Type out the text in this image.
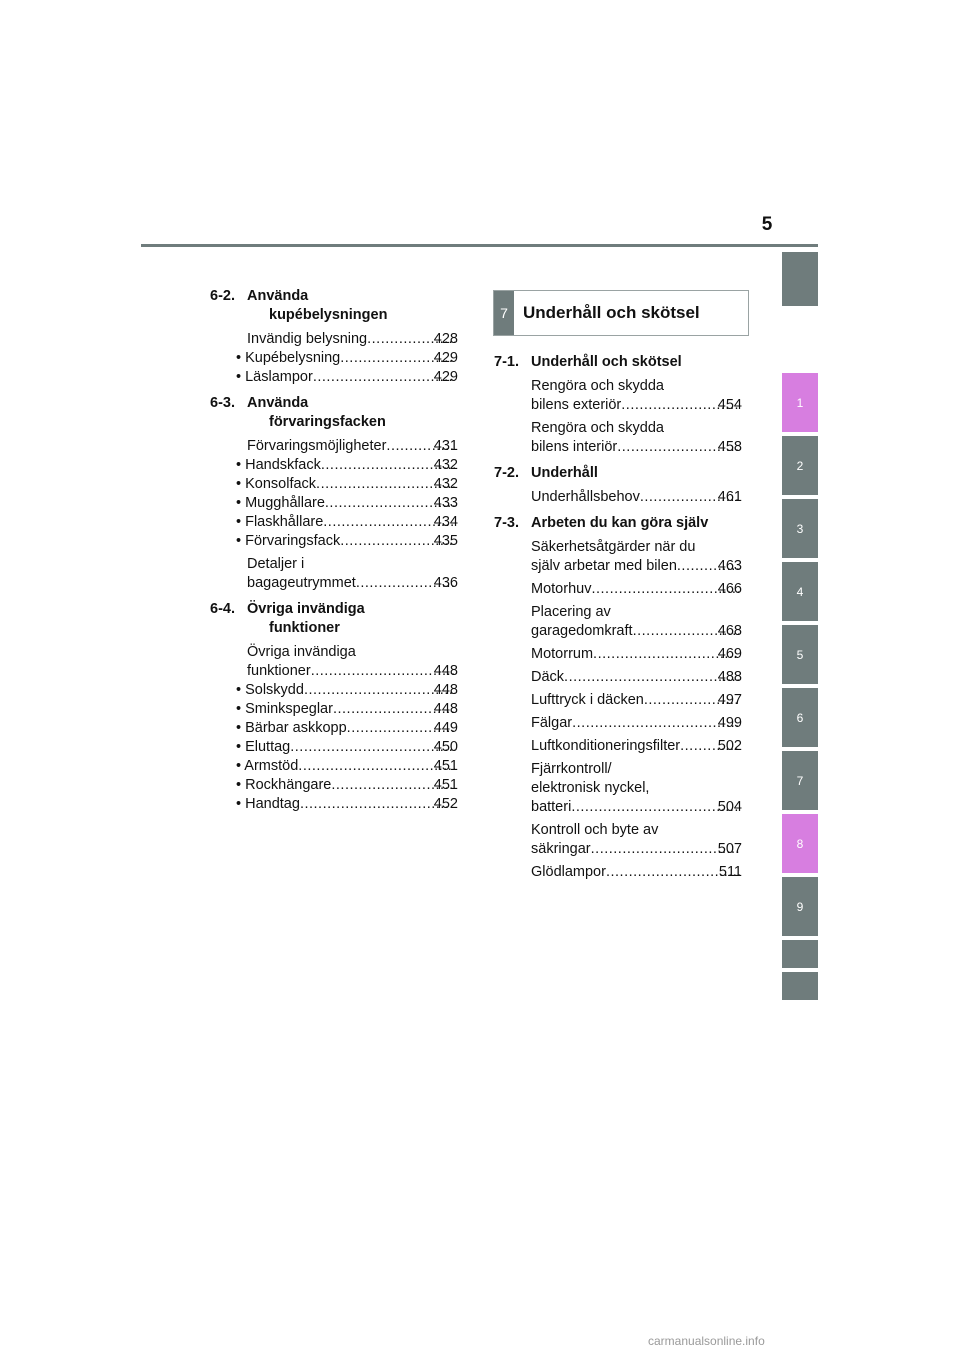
5
1
2
3
4
5
6
7
8
9
6-2. Använda
kupébelysningen
Invändig belysning .....	428
• Kupébelysning .....	429
• Läslampor .....	429
6-3. Använda
förvaringsfacken
Förvaringsmöjligheter .....	431
• Handskfack .....	432
• Konsolfack .....	432
• Mugghållare .....	433
• Flaskhållare .....	434
• Förvaringsfack .....	435
Detaljer i
bagageutrymmet .....	436
6-4. Övriga invändiga
funktioner
Övriga invändiga
funktioner .....	448
• Solskydd .....	448
• Sminkspeglar .....	448
• Bärbar askkopp .....	449
• Eluttag .....	450
• Armstöd .....	451
• Rockhängare .....	451
• Handtag .....	452
7 Underhåll och skötsel
7-1. Underhåll och skötsel
Rengöra och skydda
bilens exteriör .....	454
Rengöra och skydda
bilens interiör .....	458
7-2. Underhåll
Underhållsbehov .....	461
7-3. Arbeten du kan göra själv
Säkerhetsåtgärder när du
själv arbetar med bilen .....	463
Motorhuv .....	466
Placering av
garagedomkraft .....	468
Motorrum .....	469
Däck .....	488
Lufttryck i däcken .....	497
Fälgar .....	499
Luftkonditioneringsfilter .....	502
Fjärrkontroll/
elektronisk nyckel,
batteri .....	504
Kontroll och byte av
säkringar .....	507
Glödlampor .....	511
carmanualsonline.info
